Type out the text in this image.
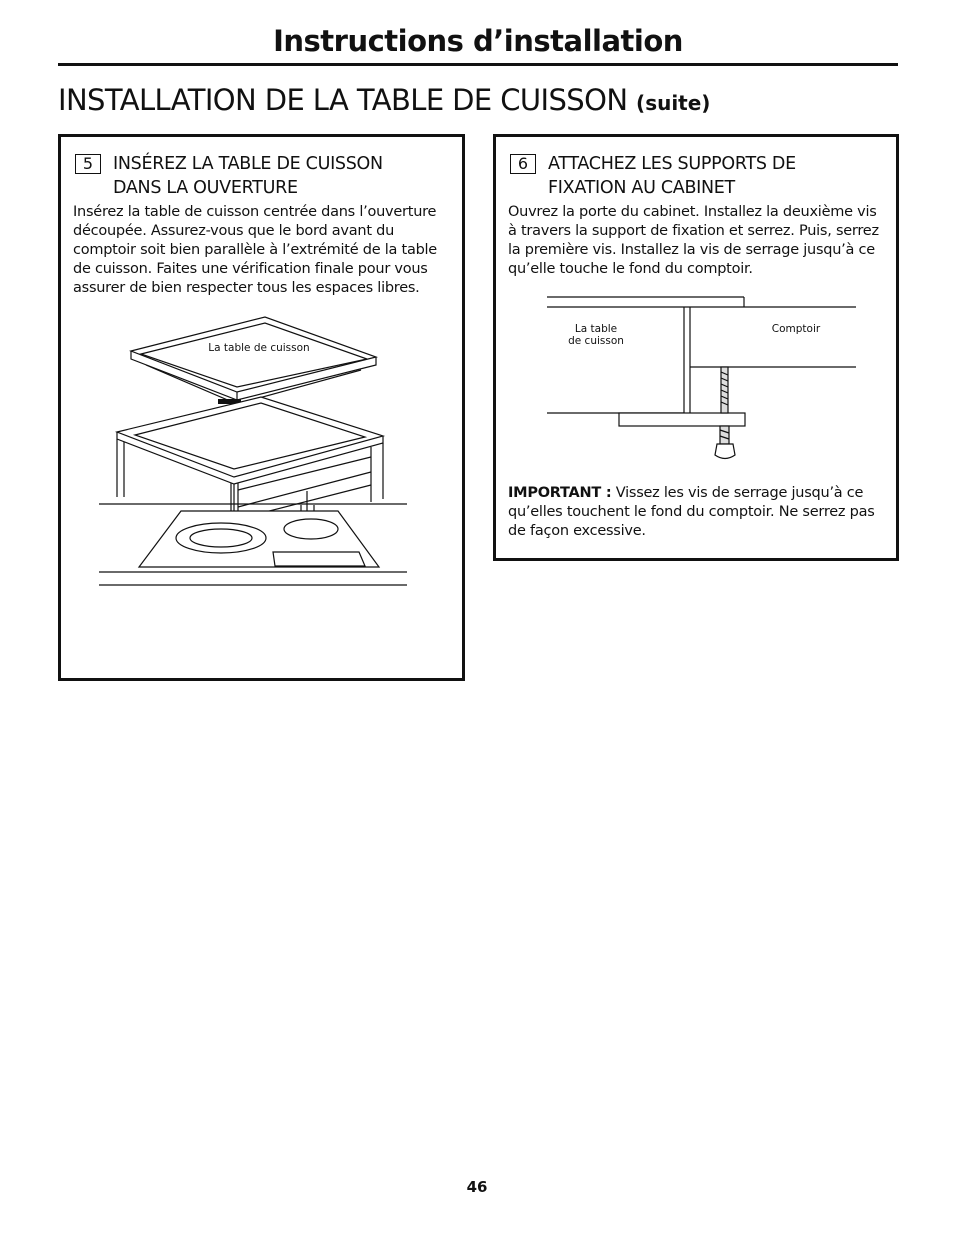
Instructions d’installation
INSTALLATION DE LA TABLE DE CUISSON (suite)
5	INSÉREZ LA TABLE DE CUISSON
DANS LA OUVERTURE
Insérez la table de cuisson centrée dans l’ouverture découpée. Assurez-vous que le bord avant du comptoir soit bien parallèle à l’extrémité de la table de cuisson. Faites une vérification finale pour vous assurer de bien respecter tous les espaces libres.
La table de cuisson
6	ATTACHEZ LES SUPPORTS DE
FIXATION AU CABINET
Ouvrez la porte du cabinet. Installez la deuxième vis à travers la support de fixation et serrez. Puis, serrez la première vis. Installez la vis de serrage jusqu’à ce qu’elle touche le fond du comptoir.
La table
de cuisson
Comptoir
IMPORTANT : Vissez les vis de serrage jusqu’à ce qu’elles touchent le fond du comptoir. Ne serrez pas de façon excessive.
46
